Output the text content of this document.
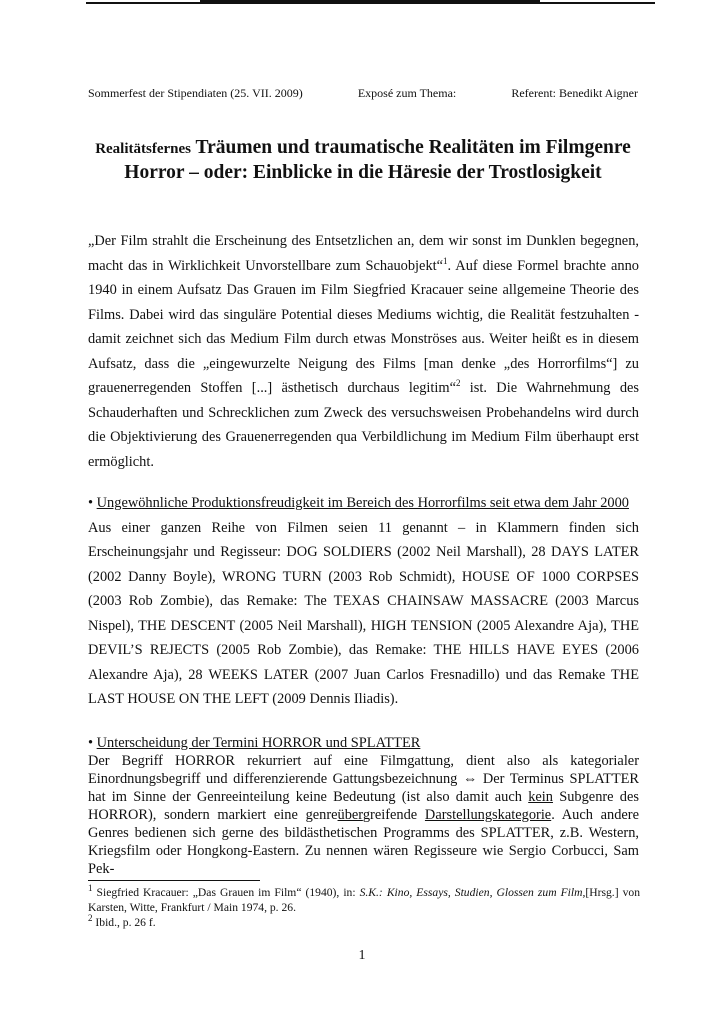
Sommerfest der Stipendiaten (25. VII. 2009)	Exposé zum Thema:	Referent: Benedikt Aigner
Realitätsfernes Träumen und traumatische Realitäten im Filmgenre
Horror – oder: Einblicke in die Häresie der Trostlosigkeit
„Der Film strahlt die Erscheinung des Entsetzlichen an, dem wir sonst im Dunklen begegnen, macht das in Wirklichkeit Unvorstellbare zum Schauobjekt“$^1$. Auf diese Formel brachte anno 1940 in einem Aufsatz Das Grauen im Film Siegfried Kracauer seine allgemeine Theorie des Films. Dabei wird das singuläre Potential dieses Mediums wichtig, die Realität festzuhalten - damit zeichnet sich das Medium Film durch etwas Monströses aus. Weiter heißt es in diesem Aufsatz, dass die „eingewurzelte Neigung des Films [man denke „des Horrorfilms“] zu grauenerregenden Stoffen [...] ästhetisch durchaus legitim“$^2$ ist. Die Wahrnehmung des Schauderhaften und Schrecklichen zum Zweck des versuchsweisen Probehandelns wird durch die Objektivierung des Grauenerregenden qua Verbildlichung im Medium Film überhaupt erst ermöglicht.
• Ungewöhnliche Produktionsfreudigkeit im Bereich des Horrorfilms seit etwa dem Jahr 2000
Aus einer ganzen Reihe von Filmen seien 11 genannt – in Klammern finden sich Erscheinungsjahr und Regisseur: DOG SOLDIERS (2002 Neil Marshall), 28 DAYS LATER (2002 Danny Boyle), WRONG TURN (2003 Rob Schmidt), HOUSE OF 1000 CORPSES (2003 Rob Zombie), das Remake: The TEXAS CHAINSAW MASSACRE (2003 Marcus Nispel), THE DESCENT (2005 Neil Marshall), HIGH TENSION (2005 Alexandre Aja), THE DEVIL’S REJECTS (2005 Rob Zombie), das Remake: THE HILLS HAVE EYES (2006 Alexandre Aja), 28 WEEKS LATER (2007 Juan Carlos Fresnadillo) und das Remake THE LAST HOUSE ON THE LEFT (2009 Dennis Iliadis).
• Unterscheidung der Termini HORROR und SPLATTER
Der Begriff HORROR rekurriert auf eine Filmgattung, dient also als kategorialer Einordnungsbegriff und differenzierende Gattungsbezeichnung ⇔ Der Terminus SPLATTER hat im Sinne der Genreeinteilung keine Bedeutung (ist also damit auch kein Subgenre des HORROR), sondern markiert eine genreübergreifende Darstellungskategorie. Auch andere Genres bedienen sich gerne des bildästhetischen Programms des SPLATTER, z.B. Western, Kriegsfilm oder Hongkong-Eastern. Zu nennen wären Regisseure wie Sergio Corbucci, Sam Pek-

$^1$ Siegfried Kracauer: „Das Grauen im Film“ (1940), in: S.K.: Kino, Essays, Studien, Glossen zum Film,[Hrsg.] von Karsten, Witte, Frankfurt / Main 1974, p. 26.

$^2$ Ibid., p. 26 f.

1
